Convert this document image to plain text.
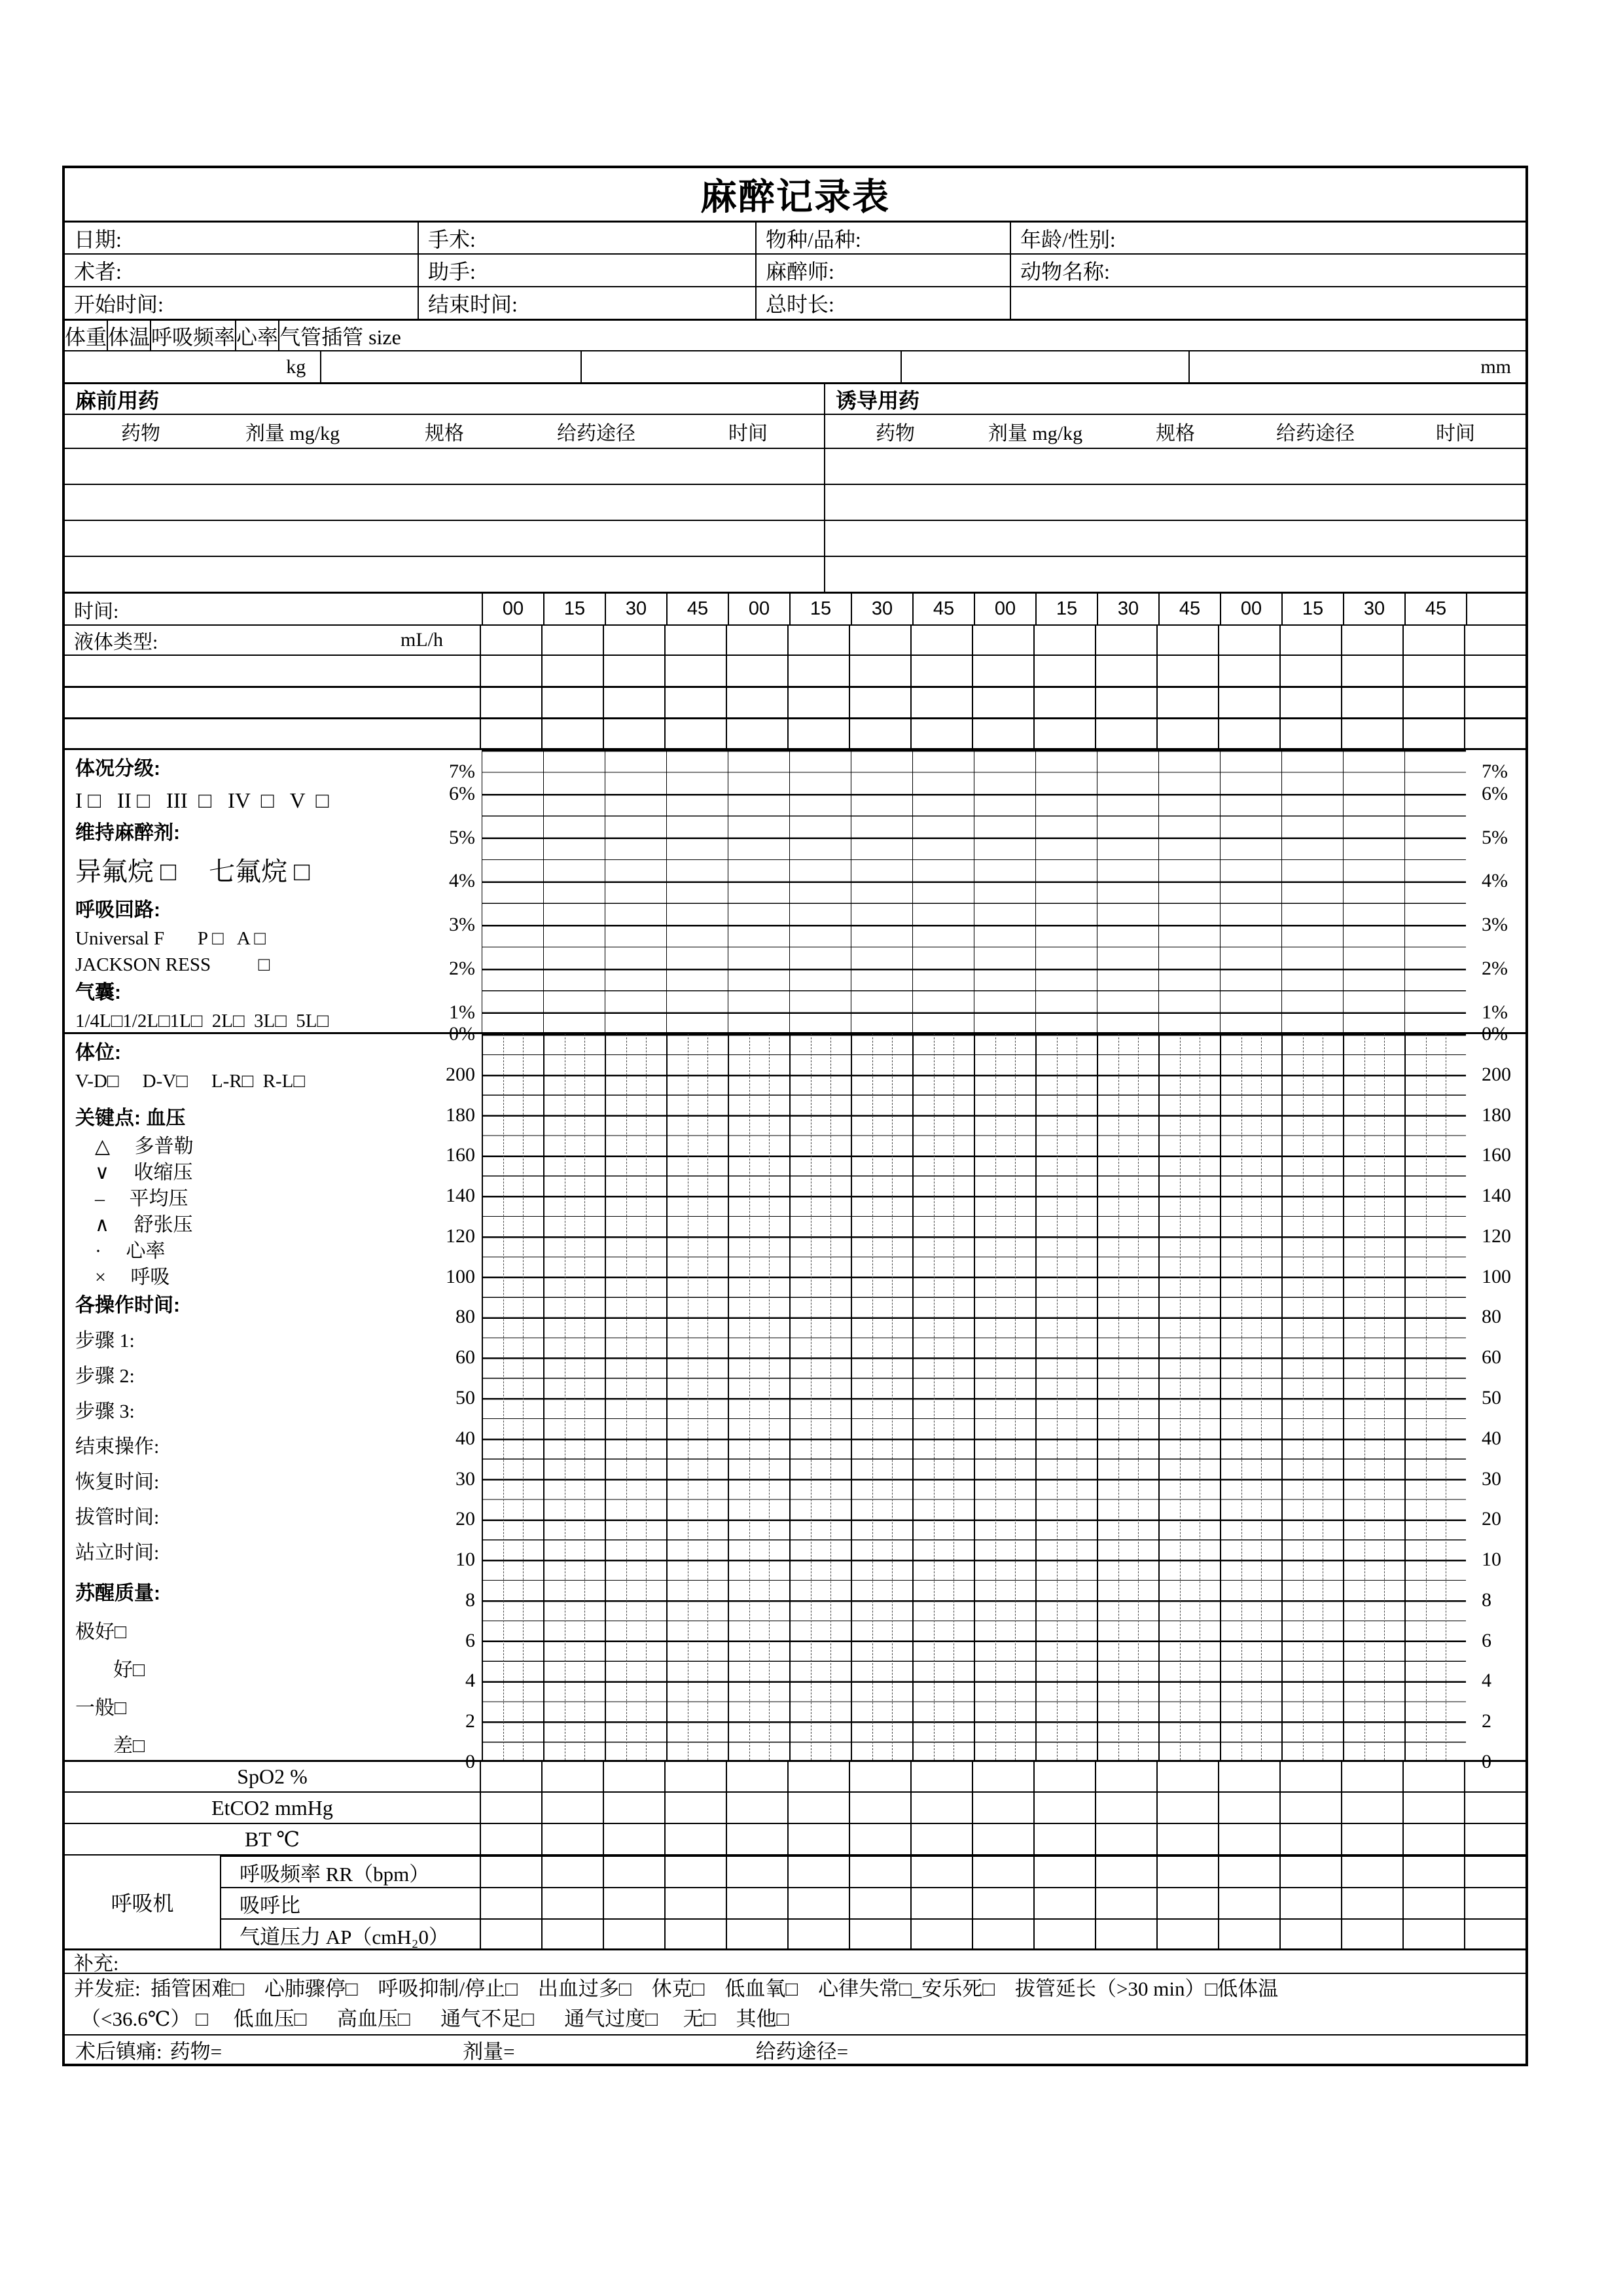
麻醉记录表
日期:	手术:	物种/品种:	年龄/性别:
术者:	助手:	麻醉师:	动物名称:
开始时间:	结束时间:	总时长:
体重 体温 呼吸频率 心率 气管插管 size
kg	mm
麻前用药	诱导用药
药物	剂量 mg/kg	规格	给药途径	时间	药物	剂量 mg/kg	规格	给药途径	时间
时间:	00	15	30	45	00	15	30	45	00	15	30	45	00	15	30	45
液体类型:	mL/h
体况分级:
I □   II □   III  □   IV  □   V  □
维持麻醉剂:
异氟烷 □     七氟烷 □
呼吸回路:
Universal F       P □   A □
JACKSON RESS          □
气囊:
1/4L□1/2L□1L□  2L□  3L□  5L□
7%
6%
5%
4%
3%
2%
1%
0%
7%
6%
5%
4%
3%
2%
1%
0%
体位:
V-D□     D-V□     L-R□  R-L□
关键点: 血压
△　 多普勒
∨　 收缩压
–　 平均压
∧　 舒张压
·　 心率
×　 呼吸
各操作时间:
步骤 1:
步骤 2:
步骤 3:
结束操作:
恢复时间:
拔管时间:
站立时间:
苏醒质量:
极好□
好□
一般□
差□
200
180
160
140
120
100
80
60
50
40
30
20
10
8
6
4
2
0
200
180
160
140
120
100
80
60
50
40
30
20
10
8
6
4
2
0
SpO2 %
EtCO2 mmHg
BT ℃
呼吸机
呼吸频率 RR（bpm）
吸呼比
气道压力 AP（cmH₂0）
补充:
并发症:  插管困难□    心肺骤停□    呼吸抑制/停止□    出血过多□    休克□    低血氧□    心律失常□_安乐死□    拔管延长（>30 min）□低体温
（<36.6℃） □     低血压□      高血压□      通气不足□      通气过度□     无□    其他□
术后镇痛: 药物=	剂量=	给药途径=
